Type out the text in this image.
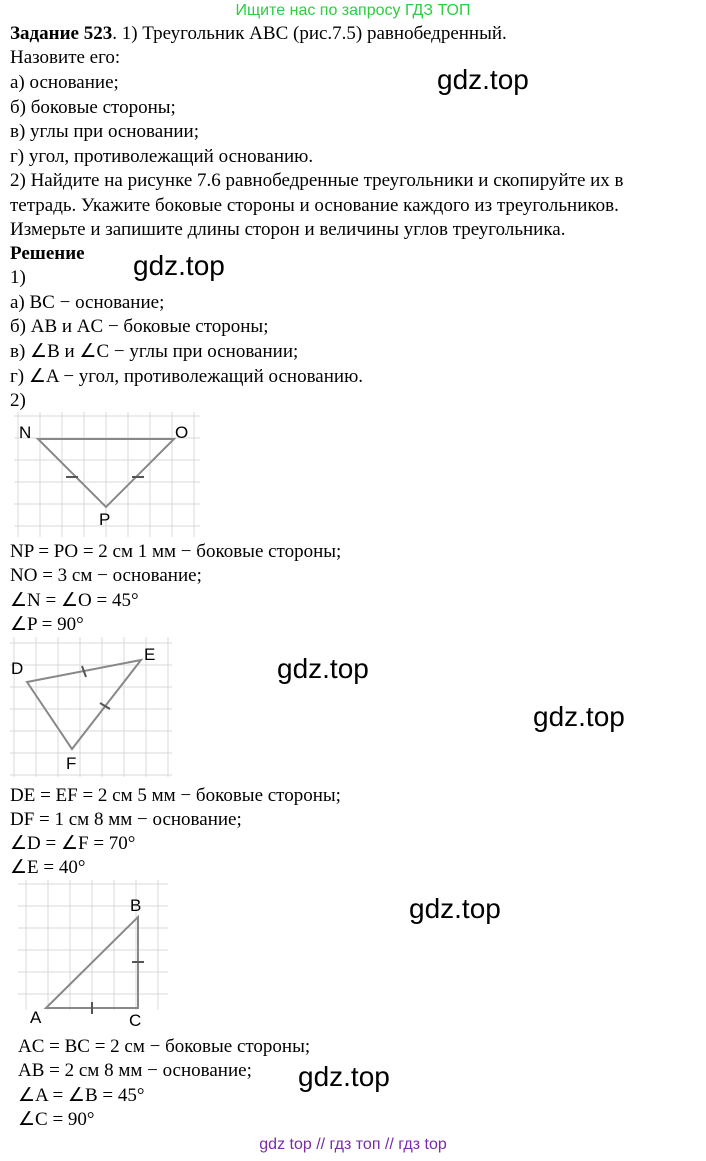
Ищите нас по запросу ГДЗ ТОП
Задание 523. 1) Треугольник ABC (рис.7.5) равнобедренный.
Назовите его:
а) основание;
б) боковые стороны;
в) углы при основании;
г) угол, противолежащий основанию.
2) Найдите на рисунке 7.6 равнобедренные треугольники и скопируйте их в
тетрадь. Укажите боковые стороны и основание каждого из треугольников.
Измерьте и запишите длины сторон и величины углов треугольника.
Решение
1)
а) BC − основание;
б) AB и AC − боковые стороны;
в) ∠B и ∠C − углы при основании;
г) ∠A − угол, противолежащий основанию.
2)
N	O
P
NP = PO = 2 см 1 мм − боковые стороны;
NO = 3 см − основание;
∠N = ∠O = 45°
∠P = 90°
D
E
F
DE = EF = 2 см 5 мм − боковые стороны;
DF = 1 см 8 мм − основание;
∠D = ∠F = 70°
∠E = 40°
B
A	C
AC = BC = 2 см − боковые стороны;
AB = 2 см 8 мм − основание;
∠A = ∠B = 45°
∠C = 90°
gdz.top
gdz.top
gdz.top
gdz.top
gdz.top
gdz.top
gdz top // гдз топ // гдз top
